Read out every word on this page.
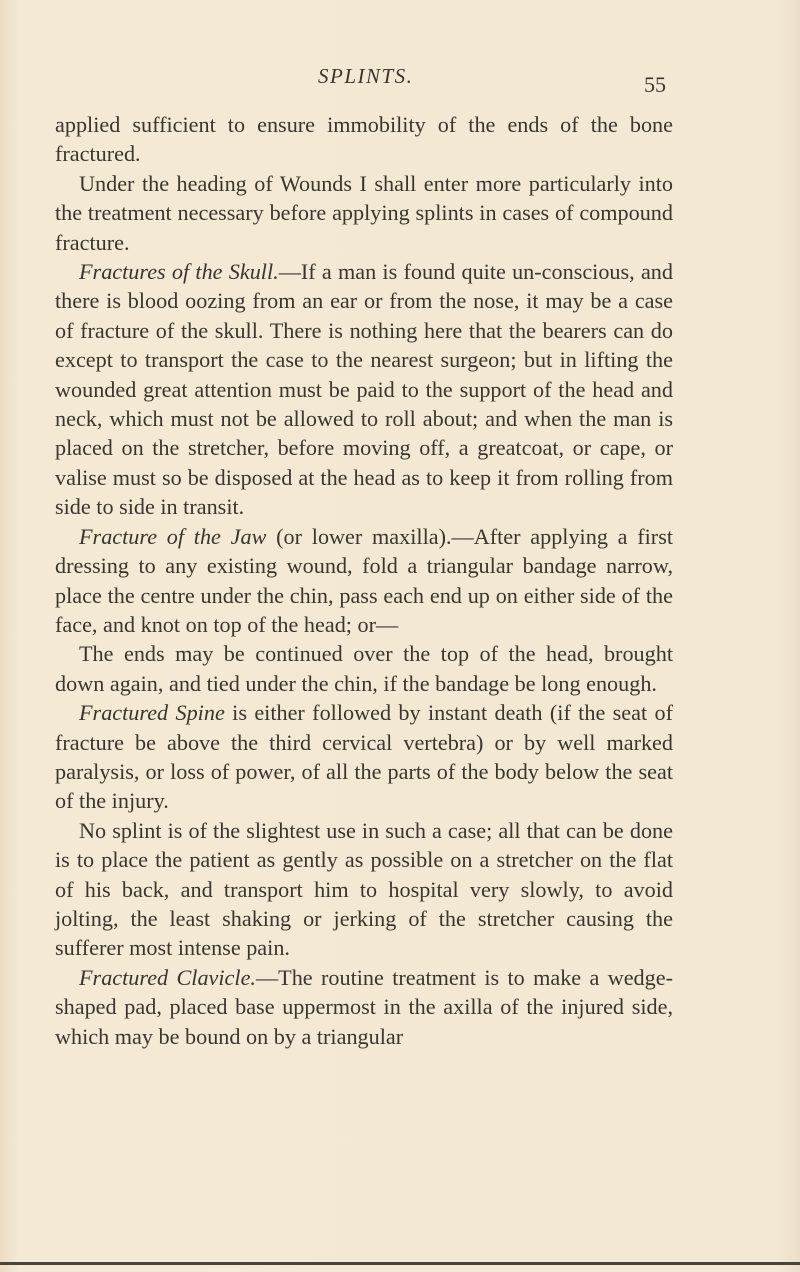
SPLINTS.	55

applied sufficient to ensure immobility of the ends of the bone fractured.

Under the heading of Wounds I shall enter more particularly into the treatment necessary before applying splints in cases of compound fracture.

Fractures of the Skull.—If a man is found quite un-conscious, and there is blood oozing from an ear or from the nose, it may be a case of fracture of the skull. There is nothing here that the bearers can do except to transport the case to the nearest surgeon; but in lifting the wounded great attention must be paid to the support of the head and neck, which must not be allowed to roll about; and when the man is placed on the stretcher, before moving off, a greatcoat, or cape, or valise must so be disposed at the head as to keep it from rolling from side to side in transit.

Fracture of the Jaw (or lower maxilla).—After applying a first dressing to any existing wound, fold a triangular bandage narrow, place the centre under the chin, pass each end up on either side of the face, and knot on top of the head; or—

The ends may be continued over the top of the head, brought down again, and tied under the chin, if the bandage be long enough.

Fractured Spine is either followed by instant death (if the seat of fracture be above the third cervical vertebra) or by well marked paralysis, or loss of power, of all the parts of the body below the seat of the injury.

No splint is of the slightest use in such a case; all that can be done is to place the patient as gently as possible on a stretcher on the flat of his back, and transport him to hospital very slowly, to avoid jolting, the least shaking or jerking of the stretcher causing the sufferer most intense pain.

Fractured Clavicle.—The routine treatment is to make a wedge-shaped pad, placed base uppermost in the axilla of the injured side, which may be bound on by a triangular
